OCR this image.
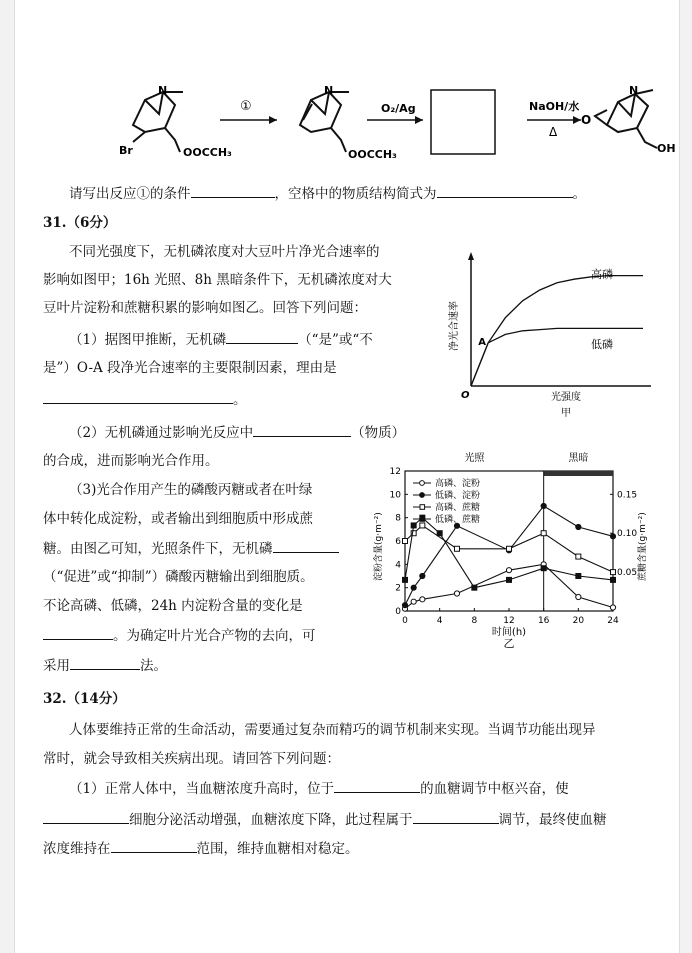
Br	OOCCH₃
N
①
N
OOCCH₃
O₂/Ag	NaOH/水
Δ
O
N
OH
请写出反应①的条件	，空格中的物质结构简式为	。
31.（6分）
不同光强度下，无机磷浓度对大豆叶片净光合速率的
影响如图甲；16h 光照、8h 黑暗条件下，无机磷浓度对大
豆叶片淀粉和蔗糖积累的影响如图乙。回答下列问题：
（1）据图甲推断，无机磷	（“是”或“不
是”）O-A 段净光合速率的主要限制因素，理由是
。
（2）无机磷通过影响光反应中	（物质）
的合成，进而影响光合作用。
（3)光合作用产生的磷酸丙糖或者在叶绿
体中转化成淀粉，或者输出到细胞质中形成蔗
糖。由图乙可知，光照条件下，无机磷
（“促进”或“抑制”）磷酸丙糖输出到细胞质。
不论高磷、低磷，24h 内淀粉含量的变化是
。为确定叶片光合产物的去向，可
采用	法。
高磷
低磷
A
O
净光合速率
光强度
甲
光照	黑暗
0	4	8	12	16	20	24
0
2
4
6
8
10
12
0.05
0.10
0.15
淀粉含量(g·m⁻²)	蔗糖含量(g·m⁻²)
时间(h)
乙
高磷、淀粉
低磷、淀粉
高磷、蔗糖
低磷、蔗糖
32.（14分）
人体要维持正常的生命活动，需要通过复杂而精巧的调节机制来实现。当调节功能出现异
常时，就会导致相关疾病出现。请回答下列问题：
（1）正常人体中，当血糖浓度升高时，位于	的血糖调节中枢兴奋，使
细胞分泌活动增强，血糖浓度下降，此过程属于	调节，最终使血糖
浓度维持在	范围，维持血糖相对稳定。
